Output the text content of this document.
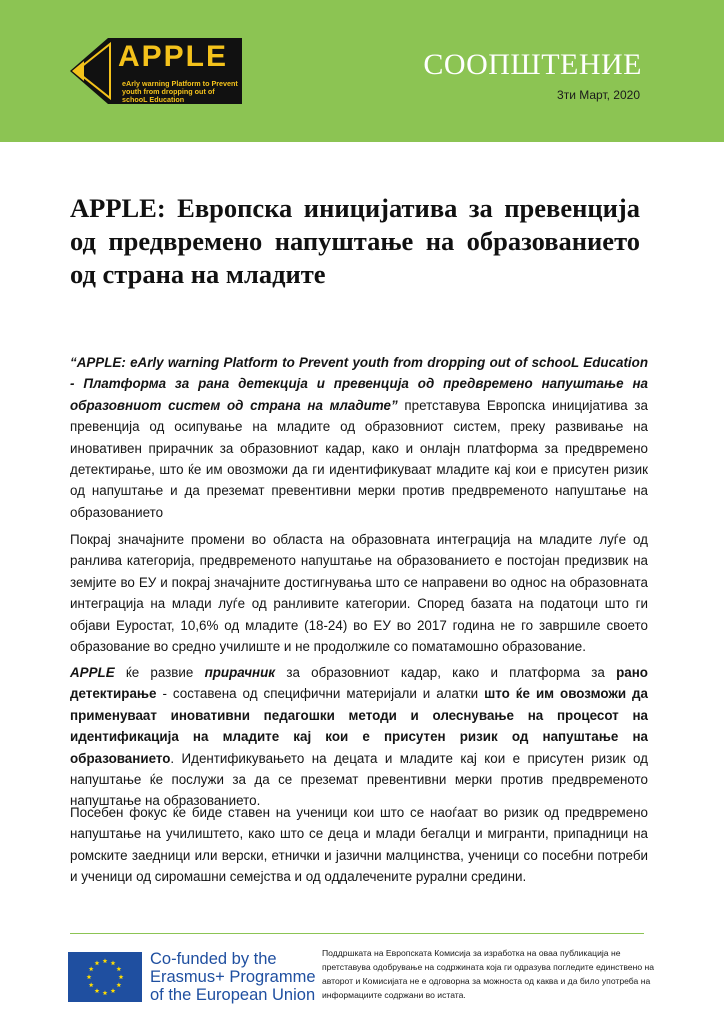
APPLE
eArly warning Platform to Prevent youth from dropping out of schooL Education
СООПШТЕНИЕ
3ти Март, 2020
APPLE: Европска иницијатива за превенција од предвремено напуштање на образованието од страна на младите

“APPLE: eArly warning Platform to Prevent youth from dropping out of schooL Education - Платформа за рана детекција и превенција од предвремено напуштање на образовниот систем од страна на младите” претставува Европска иницијатива за превенција од осипување на младите од образовниот систем, преку развивање на иновативен прирачник за образовниот кадар, како и онлајн платформа за предвремено детектирање, што ќе им овозможи да ги идентификуваат младите кај кои е присутен ризик од напуштање и да преземат превентивни мерки против предвременото напуштање на образованието

Покрај значајните промени во областа на образовната интеграција на младите луѓе од ранлива категорија, предвременото напуштање на образованието е постојан предизвик на земјите во ЕУ и покрај значајните достигнувања што се направени во однос на образовната интеграција на млади луѓе од ранливите категории. Според базата на податоци што ги објави Еуростат, 10,6% од младите (18-24) во ЕУ во 2017 година не го завршиле своето образование во средно училиште и не продолжиле со поматамошно образование.

APPLE ќе развие прирачник за образовниот кадар, како и платформа за рано детектирање - составена од специфични материјали и алатки што ќе им овозможи да применуваат иновативни педагошки методи и олеснување на процесот на идентификација на младите кај кои е присутен ризик од напуштање на образованието. Идентификувањето на децата и младите кај кои е присутен ризик од напуштање ќе послужи за да се преземат превентивни мерки против предвременото напуштање на образованието.

Посебен фокус ќе биде ставен на ученици кои што се наоѓаат во ризик од предвремено напуштање на училиштето, како што се деца и млади бегалци и мигранти, припадници на ромските заедници или верски, етнички и јазични малцинства, ученици со посебни потреби и ученици од сиромашни семејства и од оддалечените рурални средини.

Co-funded by the
Erasmus+ Programme
of the European Union
Поддршката на Европската Комисија за изработка на оваа публикација не претставува одобрување на содржината која ги одразува погледите единствено на авторот и Комисијата не е одговорна за можноста од каква и да било употреба на информациите содржани во истата.
